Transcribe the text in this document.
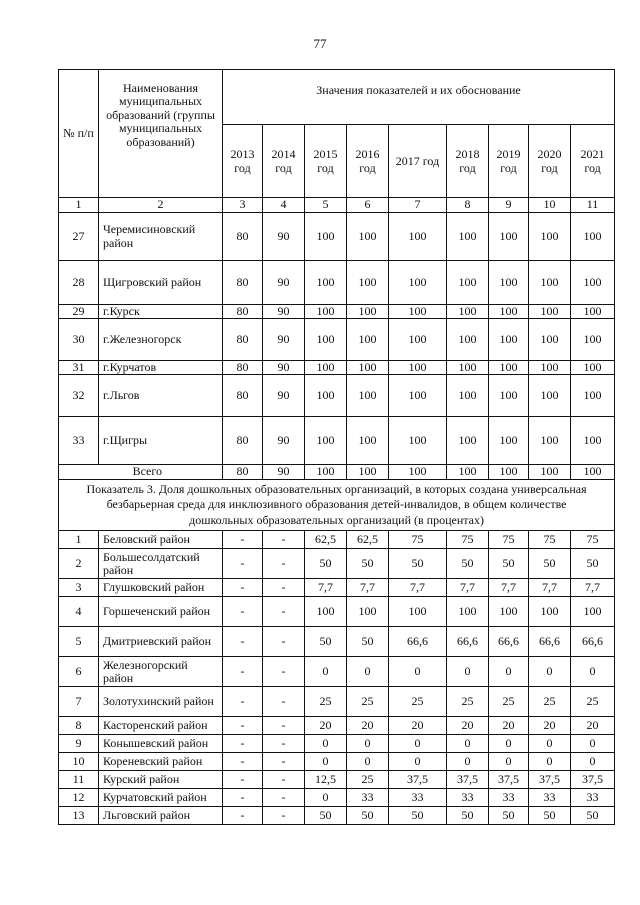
77
№ п/п	Наименования муниципальных образований (группы муниципальных образований)	Значения показателей и их обоснование								
		2013 год	2014 год	2015 год	2016 год	2017 год	2018 год	2019 год	2020 год	2021 год
1	2	3	4	5	6	7	8	9	10	11
27	Черемисиновский район	80	90	100	100	100	100	100	100	100
28	Щигровский район	80	90	100	100	100	100	100	100	100
29	г.Курск	80	90	100	100	100	100	100	100	100
30	г.Железногорск	80	90	100	100	100	100	100	100	100
31	г.Курчатов	80	90	100	100	100	100	100	100	100
32	г.Льгов	80	90	100	100	100	100	100	100	100
33	г.Щигры	80	90	100	100	100	100	100	100	100
Всего		80	90	100	100	100	100	100	100	100
Показатель 3. Доля дошкольных образовательных организаций, в которых создана универсальная безбарьерная среда для инклюзивного образования детей-инвалидов, в общем количестве дошкольных образовательных организаций (в процентах)										
1	Беловский район	-	-	62,5	62,5	75	75	75	75	75
2	Большесолдатский район	-	-	50	50	50	50	50	50	50
3	Глушковский район	-	-	7,7	7,7	7,7	7,7	7,7	7,7	7,7
4	Горшеченский район	-	-	100	100	100	100	100	100	100
5	Дмитриевский район	-	-	50	50	66,6	66,6	66,6	66,6	66,6
6	Железногорский район	-	-	0	0	0	0	0	0	0
7	Золотухинский район	-	-	25	25	25	25	25	25	25
8	Касторенский район	-	-	20	20	20	20	20	20	20
9	Конышевский район	-	-	0	0	0	0	0	0	0
10	Кореневский район	-	-	0	0	0	0	0	0	0
11	Курский район	-	-	12,5	25	37,5	37,5	37,5	37,5	37,5
12	Курчатовский район	-	-	0	33	33	33	33	33	33
13	Льговский район	-	-	50	50	50	50	50	50	50
